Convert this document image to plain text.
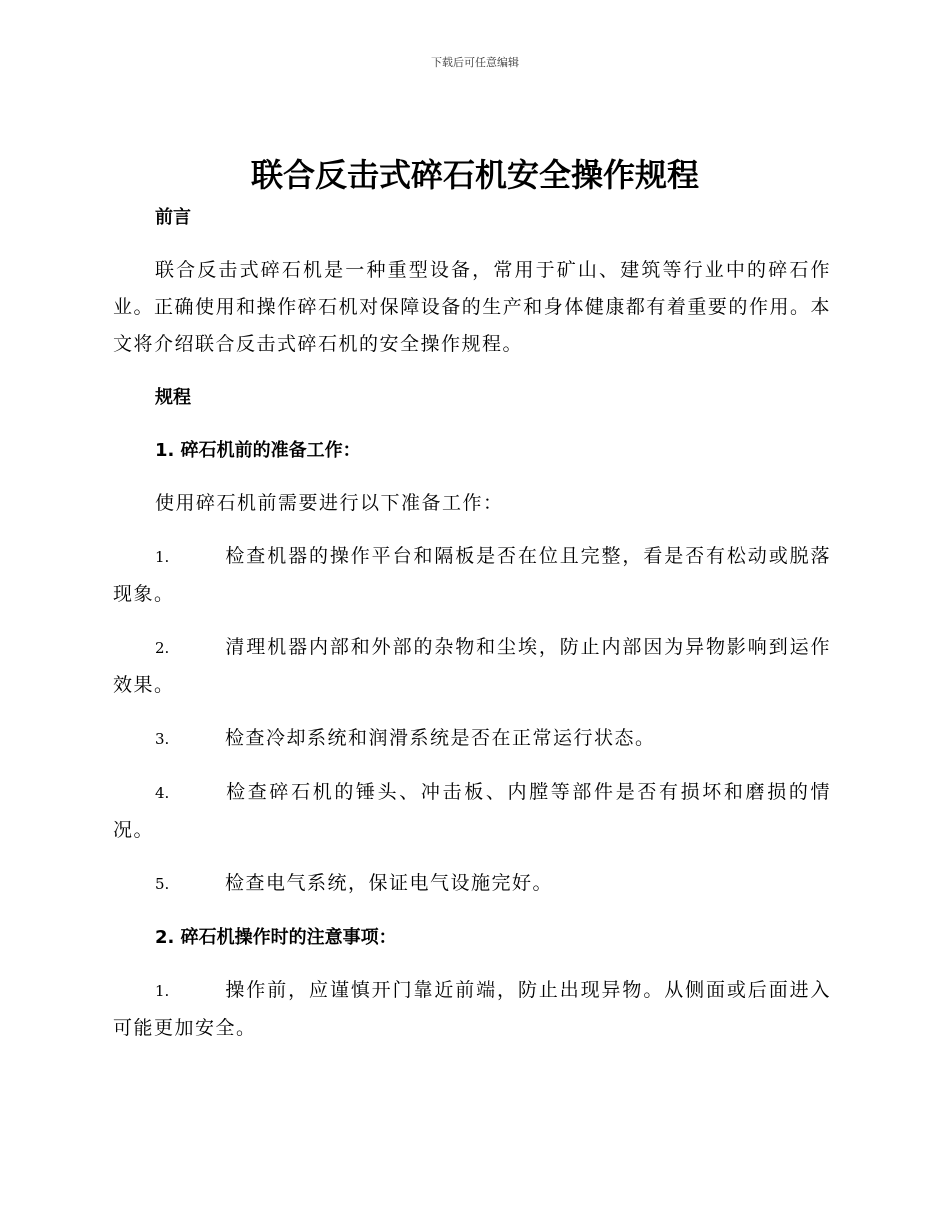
下载后可任意编辑
联合反击式碎石机安全操作规程

前言

联合反击式碎石机是一种重型设备，常用于矿山、建筑等行业中的碎石作业。正确使用和操作碎石机对保障设备的生产和身体健康都有着重要的作用。本文将介绍联合反击式碎石机的安全操作规程。

规程

1. 碎石机前的准备工作：

使用碎石机前需要进行以下准备工作：

1.	检查机器的操作平台和隔板是否在位且完整，看是否有松动或脱落现象。

2.	清理机器内部和外部的杂物和尘埃，防止内部因为异物影响到运作效果。

3.	检查冷却系统和润滑系统是否在正常运行状态。

4.	检查碎石机的锤头、冲击板、内膛等部件是否有损坏和磨损的情况。

5.	检查电气系统，保证电气设施完好。

2. 碎石机操作时的注意事项：

1.	操作前，应谨慎开门靠近前端，防止出现异物。从侧面或后面进入可能更加安全。
